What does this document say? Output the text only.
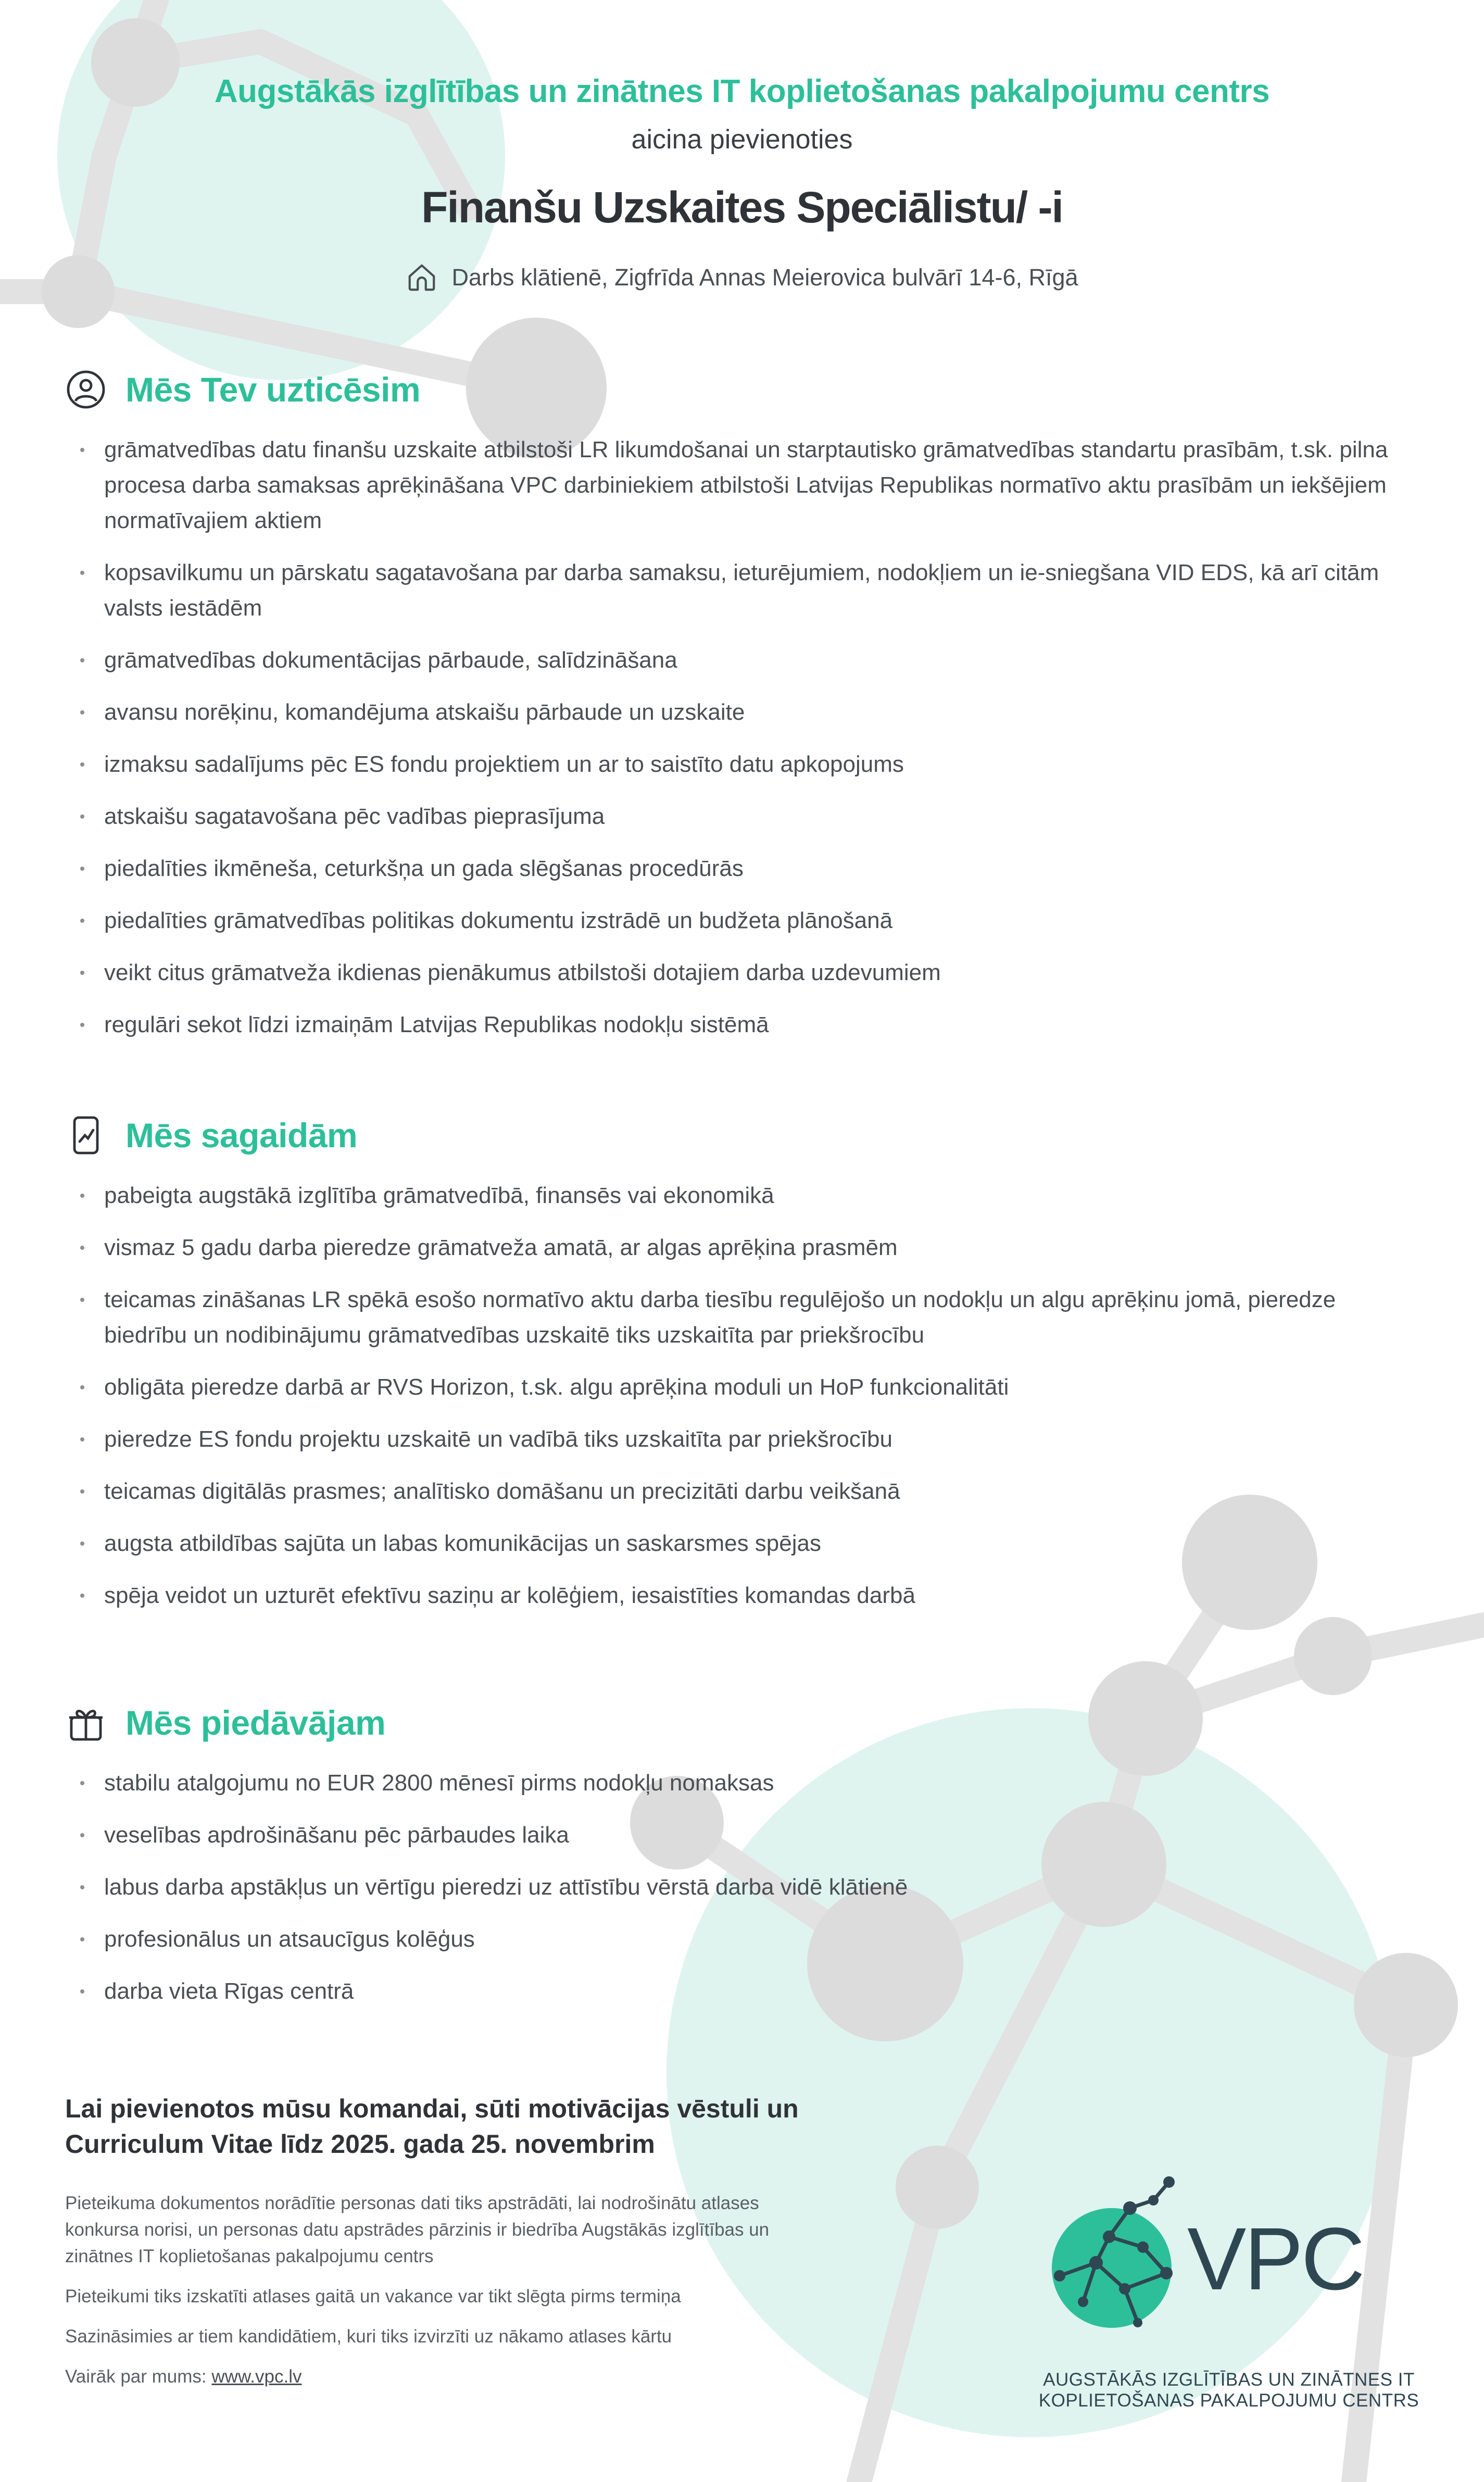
Augstākās izglītības un zinātnes IT koplietošanas pakalpojumu centrs
aicina pievienoties
Finanšu Uzskaites Speciālistu/ -i
Darbs klātienē, Zigfrīda Annas Meierovica bulvārī 14-6, Rīgā
Mēs Tev uzticēsim
grāmatvedības datu finanšu uzskaite atbilstoši LR likumdošanai un starptautisko grāmatvedības standartu prasībām, t.sk. pilna procesa darba samaksas aprēķināšana VPC darbiniekiem atbilstoši Latvijas Republikas normatīvo aktu prasībām un iekšējiem normatīvajiem aktiem
kopsavilkumu un pārskatu sagatavošana par darba samaksu, ieturējumiem, nodokļiem un ie-sniegšana VID EDS, kā arī citām valsts iestādēm
grāmatvedības dokumentācijas pārbaude, salīdzināšana
avansu norēķinu, komandējuma atskaišu pārbaude un uzskaite
izmaksu sadalījums pēc ES fondu projektiem un ar to saistīto datu apkopojums
atskaišu sagatavošana pēc vadības pieprasījuma
piedalīties ikmēneša, ceturkšņa un gada slēgšanas procedūrās
piedalīties grāmatvedības politikas dokumentu izstrādē un budžeta plānošanā
veikt citus grāmatveža ikdienas pienākumus atbilstoši dotajiem darba uzdevumiem
regulāri sekot līdzi izmaiņām Latvijas Republikas nodokļu sistēmā
Mēs sagaidām
pabeigta augstākā izglītība grāmatvedībā, finansēs vai ekonomikā
vismaz 5 gadu darba pieredze grāmatveža amatā, ar algas aprēķina prasmēm
teicamas zināšanas LR spēkā esošo normatīvo aktu darba tiesību regulējošo un nodokļu un algu aprēķinu jomā, pieredze biedrību un nodibinājumu grāmatvedības uzskaitē tiks uzskaitīta par priekšrocību
obligāta pieredze darbā ar RVS Horizon, t.sk. algu aprēķina moduli un HoP funkcionalitāti
pieredze ES fondu projektu uzskaitē un vadībā tiks uzskaitīta par priekšrocību
teicamas digitālās prasmes; analītisko domāšanu un precizitāti darbu veikšanā
augsta atbildības sajūta un labas komunikācijas un saskarsmes spējas
spēja veidot un uzturēt efektīvu saziņu ar kolēģiem, iesaistīties komandas darbā
Mēs piedāvājam
stabilu atalgojumu no EUR 2800 mēnesī pirms nodokļu nomaksas
veselības apdrošināšanu pēc pārbaudes laika
labus darba apstākļus un vērtīgu pieredzi uz attīstību vērstā darba vidē klātienē
profesionālus un atsaucīgus kolēģus
darba vieta Rīgas centrā
Lai pievienotos mūsu komandai, sūti motivācijas vēstuli un Curriculum Vitae līdz 2025. gada 25. novembrim

Pieteikuma dokumentos norādītie personas dati tiks apstrādāti, lai nodrošinātu atlases konkursa norisi, un personas datu apstrādes pārzinis ir biedrība Augstākās izglītības un zinātnes IT koplietošanas pakalpojumu centrs

Pieteikumi tiks izskatīti atlases gaitā un vakance var tikt slēgta pirms termiņa

Sazināsimies ar tiem kandidātiem, kuri tiks izvirzīti uz nākamo atlases kārtu

Vairāk par mums: www.vpc.lv

VPC
AUGSTĀKĀS IZGLĪTĪBAS UN ZINĀTNES IT
KOPLIETOŠANAS PAKALPOJUMU CENTRS
